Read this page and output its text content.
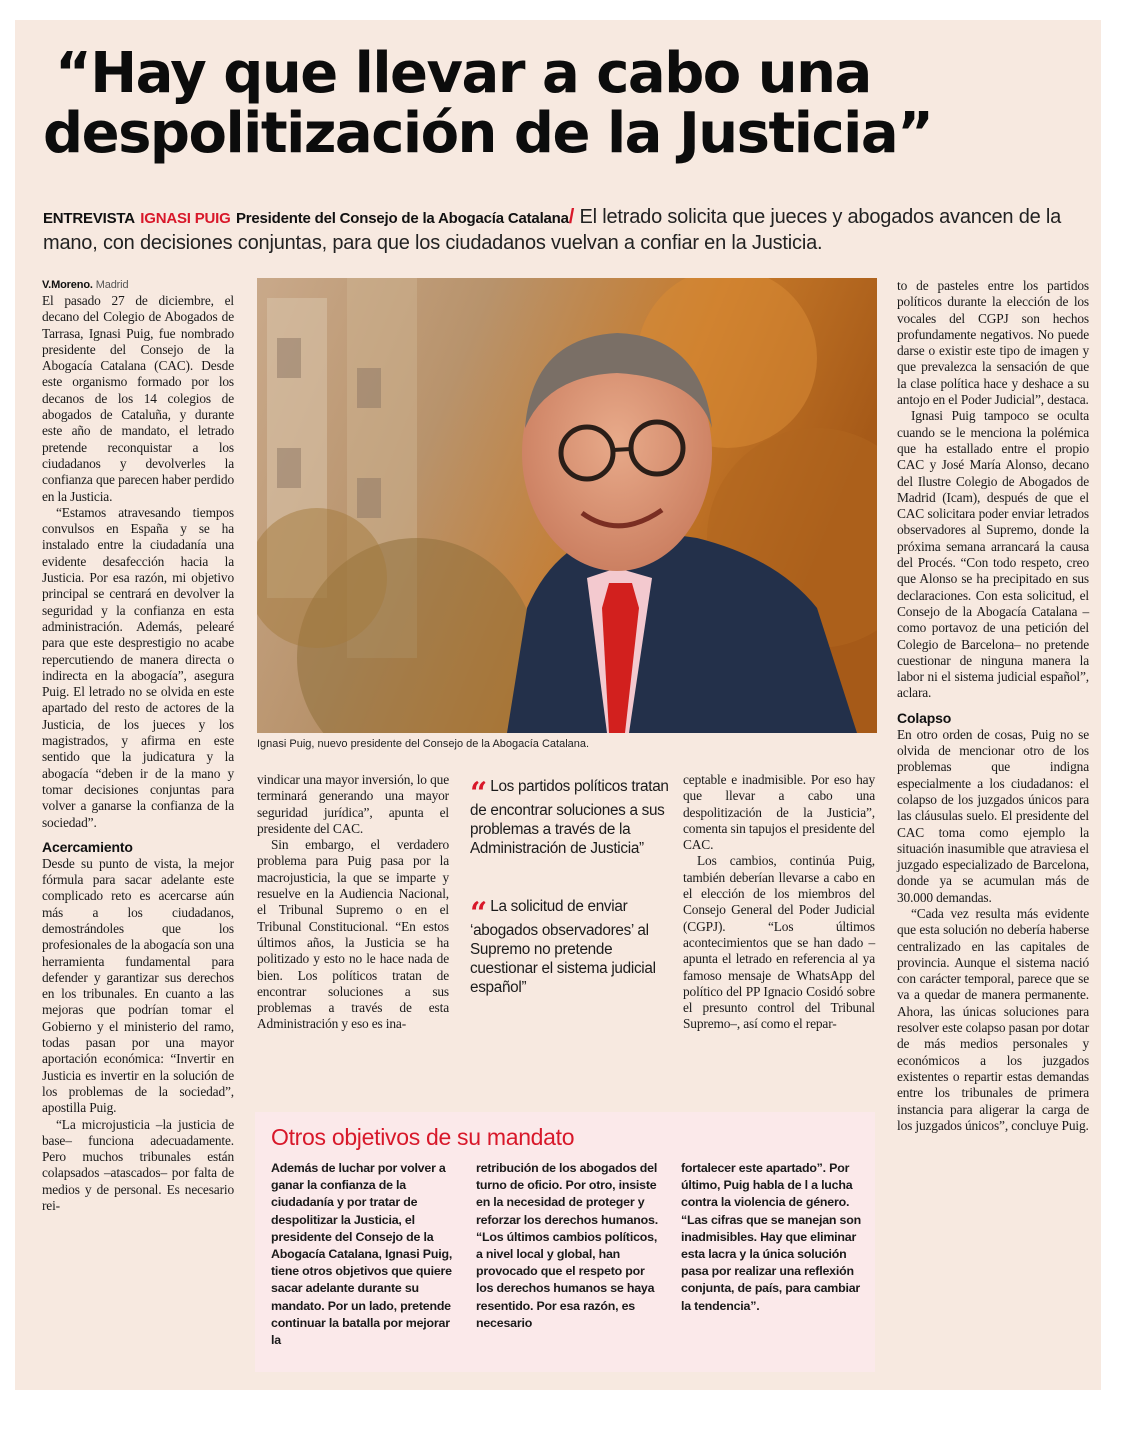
“Hay que llevar a cabo una
despolitización de la Justicia”

ENTREVISTA IGNASI PUIG Presidente del Consejo de la Abogacía Catalana/ El letrado solicita que jueces y abogados avancen de la mano, con decisiones conjuntas, para que los ciudadanos vuelvan a confiar en la Justicia.

V.Moreno. Madrid

El pasado 27 de diciembre, el decano del Colegio de Abogados de Tarrasa, Ignasi Puig, fue nombrado presidente del Consejo de la Abogacía Catalana (CAC). Desde este organismo formado por los decanos de los 14 colegios de abogados de Cataluña, y durante este año de mandato, el letrado pretende reconquistar a los ciudadanos y devolverles la confianza que parecen haber perdido en la Justicia.

“Estamos atravesando tiempos convulsos en España y se ha instalado entre la ciudadanía una evidente desafección hacia la Justicia. Por esa razón, mi objetivo principal se centrará en devolver la seguridad y la confianza en esta administración. Además, pelearé para que este desprestigio no acabe repercutiendo de manera directa o indirecta en la abogacía”, asegura Puig. El letrado no se olvida en este apartado del resto de actores de la Justicia, de los jueces y los magistrados, y afirma en este sentido que la judicatura y la abogacía “deben ir de la mano y tomar decisiones conjuntas para volver a ganarse la confianza de la sociedad”.

Acercamiento

Desde su punto de vista, la mejor fórmula para sacar adelante este complicado reto es acercarse aún más a los ciudadanos, demostrándoles que los profesionales de la abogacía son una herramienta fundamental para defender y garantizar sus derechos en los tribunales. En cuanto a las mejoras que podrían tomar el Gobierno y el ministerio del ramo, todas pasan por una mayor aportación económica: “Invertir en Justicia es invertir en la solución de los problemas de la sociedad”, apostilla Puig.

“La microjusticia –la justicia de base– funciona adecuadamente. Pero muchos tribunales están colapsados –atascados– por falta de medios y de personal. Es necesario rei-

Ignasi Puig, nuevo presidente del Consejo de la Abogacía Catalana.

vindicar una mayor inversión, lo que terminará generando una mayor seguridad jurídica”, apunta el presidente del CAC.

Sin embargo, el verdadero problema para Puig pasa por la macrojusticia, la que se imparte y resuelve en la Audiencia Nacional, el Tribunal Supremo o en el Tribunal Constitucional. “En estos últimos años, la Justicia se ha politizado y esto no le hace nada de bien. Los políticos tratan de encontrar soluciones a sus problemas a través de esta Administración y eso es ina-

“ Los partidos políticos tratan de encontrar soluciones a sus problemas a través de la Administración de Justicia”
“ La solicitud de enviar ‘abogados observadores’ al Supremo no pretende cuestionar el sistema judicial español”

ceptable e inadmisible. Por eso hay que llevar a cabo una despolitización de la Justicia”, comenta sin tapujos el presidente del CAC.

Los cambios, continúa Puig, también deberían llevarse a cabo en el elección de los miembros del Consejo General del Poder Judicial (CGPJ). “Los últimos acontecimientos que se han dado –apunta el letrado en referencia al ya famoso mensaje de WhatsApp del político del PP Ignacio Cosidó sobre el presunto control del Tribunal Supremo–, así como el repar-

to de pasteles entre los partidos políticos durante la elección de los vocales del CGPJ son hechos profundamente negativos. No puede darse o existir este tipo de imagen y que prevalezca la sensación de que la clase política hace y deshace a su antojo en el Poder Judicial”, destaca.

Ignasi Puig tampoco se oculta cuando se le menciona la polémica que ha estallado entre el propio CAC y José María Alonso, decano del Ilustre Colegio de Abogados de Madrid (Icam), después de que el CAC solicitara poder enviar letrados observadores al Supremo, donde la próxima semana arrancará la causa del Procés. “Con todo respeto, creo que Alonso se ha precipitado en sus declaraciones. Con esta solicitud, el Consejo de la Abogacía Catalana –como portavoz de una petición del Colegio de Barcelona– no pretende cuestionar de ninguna manera la labor ni el sistema judicial español”, aclara.

Colapso

En otro orden de cosas, Puig no se olvida de mencionar otro de los problemas que indigna especialmente a los ciudadanos: el colapso de los juzgados únicos para las cláusulas suelo. El presidente del CAC toma como ejemplo la situación inasumible que atraviesa el juzgado especializado de Barcelona, donde ya se acumulan más de 30.000 demandas.

“Cada vez resulta más evidente que esta solución no debería haberse centralizado en las capitales de provincia. Aunque el sistema nació con carácter temporal, parece que se va a quedar de manera permanente. Ahora, las únicas soluciones para resolver este colapso pasan por dotar de más medios personales y económicos a los juzgados existentes o repartir estas demandas entre los tribunales de primera instancia para aligerar la carga de los juzgados únicos”, concluye Puig.

Otros objetivos de su mandato

Además de luchar por volver a ganar la confianza de la ciudadanía y por tratar de despolitizar la Justicia, el presidente del Consejo de la Abogacía Catalana, Ignasi Puig, tiene otros objetivos que quiere sacar adelante durante su mandato. Por un lado, pretende continuar la batalla por mejorar la

retribución de los abogados del turno de oficio. Por otro, insiste en la necesidad de proteger y reforzar los derechos humanos. “Los últimos cambios políticos, a nivel local y global, han provocado que el respeto por los derechos humanos se haya resentido. Por esa razón, es necesario

fortalecer este apartado”. Por último, Puig habla de l a lucha contra la violencia de género. “Las cifras que se manejan son inadmisibles. Hay que eliminar esta lacra y la única solución pasa por realizar una reflexión conjunta, de país, para cambiar la tendencia”.
